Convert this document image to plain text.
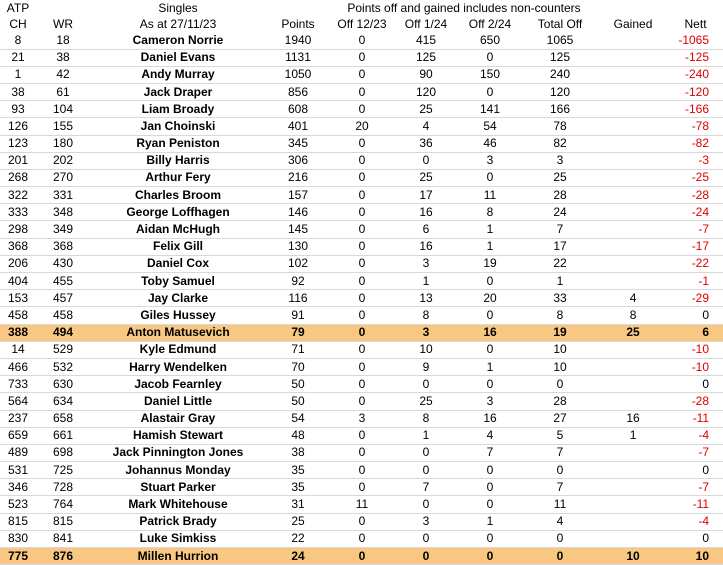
ATP		Singles		Points off and gained includes non-counters					
CH	WR	As at 27/11/23	Points	Off 12/23	Off 1/24	Off 2/24	Total Off	Gained	Nett
8	18	Cameron Norrie	1940	0	415	650	1065		-1065
21	38	Daniel Evans	1131	0	125	0	125		-125
1	42	Andy Murray	1050	0	90	150	240		-240
38	61	Jack Draper	856	0	120	0	120		-120
93	104	Liam Broady	608	0	25	141	166		-166
126	155	Jan Choinski	401	20	4	54	78		-78
123	180	Ryan Peniston	345	0	36	46	82		-82
201	202	Billy Harris	306	0	0	3	3		-3
268	270	Arthur Fery	216	0	25	0	25		-25
322	331	Charles Broom	157	0	17	11	28		-28
333	348	George Loffhagen	146	0	16	8	24		-24
298	349	Aidan McHugh	145	0	6	1	7		-7
368	368	Felix Gill	130	0	16	1	17		-17
206	430	Daniel Cox	102	0	3	19	22		-22
404	455	Toby Samuel	92	0	1	0	1		-1
153	457	Jay Clarke	116	0	13	20	33	4	-29
458	458	Giles Hussey	91	0	8	0	8	8	0
388	494	Anton Matusevich	79	0	3	16	19	25	6
14	529	Kyle Edmund	71	0	10	0	10		-10
466	532	Harry Wendelken	70	0	9	1	10		-10
733	630	Jacob Fearnley	50	0	0	0	0		0
564	634	Daniel Little	50	0	25	3	28		-28
237	658	Alastair Gray	54	3	8	16	27	16	-11
659	661	Hamish Stewart	48	0	1	4	5	1	-4
489	698	Jack Pinnington Jones	38	0	0	7	7		-7
531	725	Johannus Monday	35	0	0	0	0		0
346	728	Stuart Parker	35	0	7	0	7		-7
523	764	Mark Whitehouse	31	11	0	0	11		-11
815	815	Patrick Brady	25	0	3	1	4		-4
830	841	Luke Simkiss	22	0	0	0	0		0
775	876	Millen Hurrion	24	0	0	0	0	10	10
